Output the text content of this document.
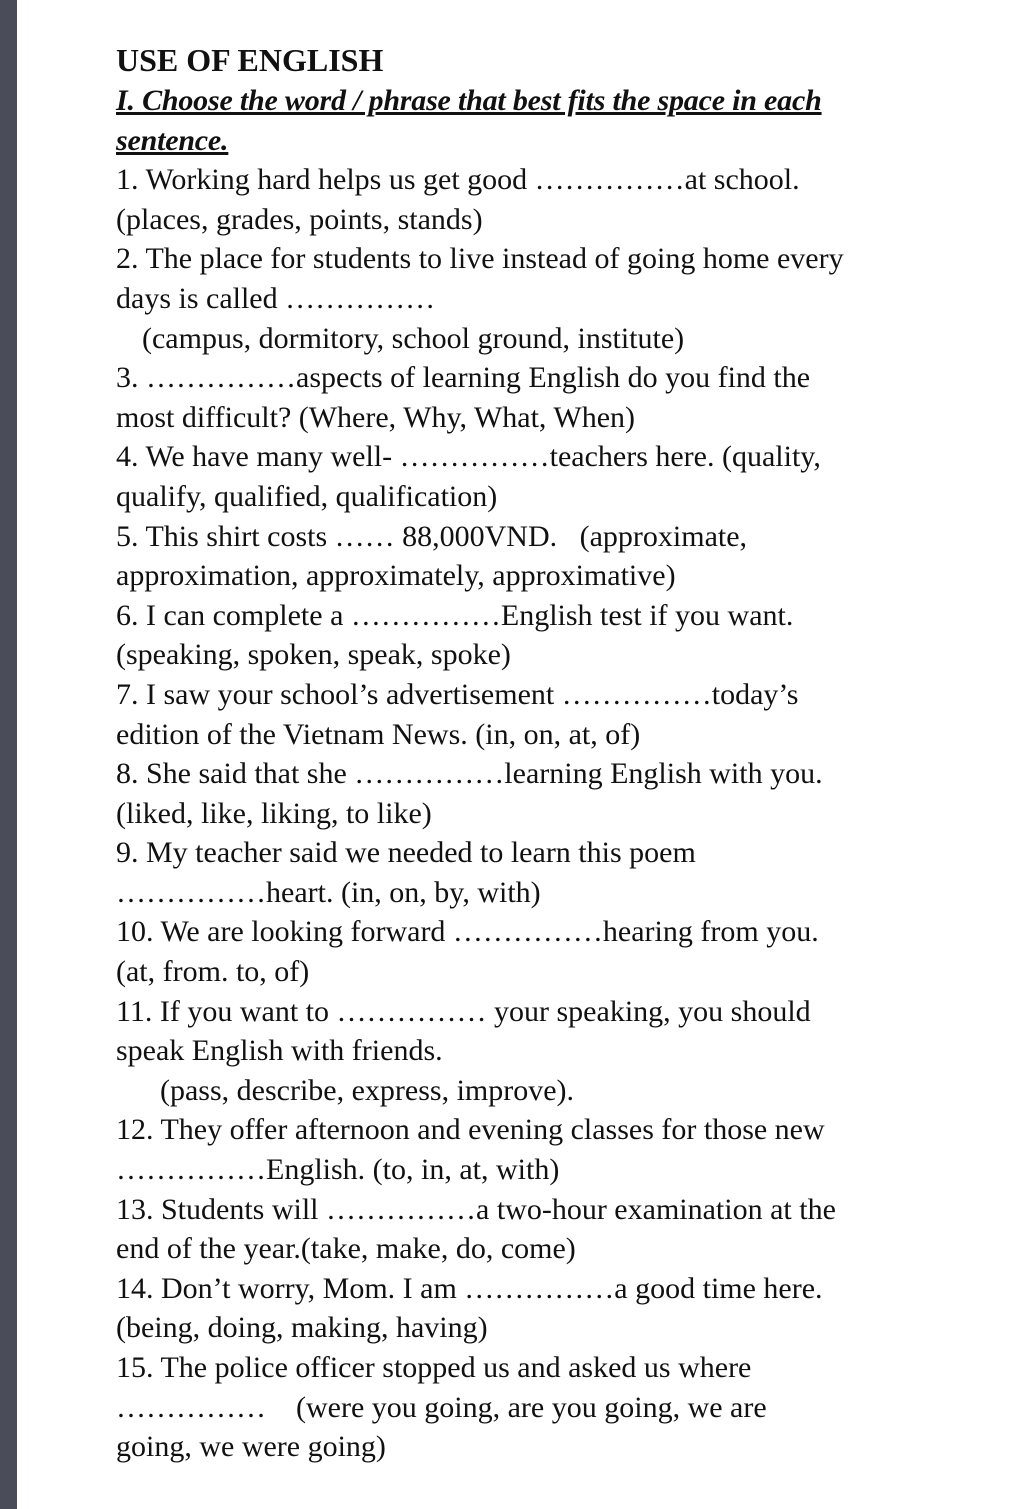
USE OF ENGLISH
I. Choose the word / phrase that best fits the space in each
sentence.
1. Working hard helps us get good ……………at school.
(places, grades, points, stands)
2. The place for students to live instead of going home every
days is called ……………
(campus, dormitory, school ground, institute)
3. ……………aspects of learning English do you find the
most difficult? (Where, Why, What, When)
4. We have many well- ……………teachers here. (quality,
qualify, qualified, qualification)
5. This shirt costs …… 88,000VND.   (approximate,
approximation, approximately, approximative)
6. I can complete a ……………English test if you want.
(speaking, spoken, speak, spoke)
7. I saw your school’s advertisement ……………today’s
edition of the Vietnam News. (in, on, at, of)
8. She said that she ……………learning English with you.
(liked, like, liking, to like)
9. My teacher said we needed to learn this poem
……………heart. (in, on, by, with)
10. We are looking forward ……………hearing from you.
(at, from. to, of)
11. If you want to …………… your speaking, you should
speak English with friends.
(pass, describe, express, improve).
12. They offer afternoon and evening classes for those new
……………English. (to, in, at, with)
13. Students will ……………a two-hour examination at the
end of the year.(take, make, do, come)
14. Don’t worry, Mom. I am ……………a good time here.
(being, doing, making, having)
15. The police officer stopped us and asked us where
……………    (were you going, are you going, we are
going, we were going)
